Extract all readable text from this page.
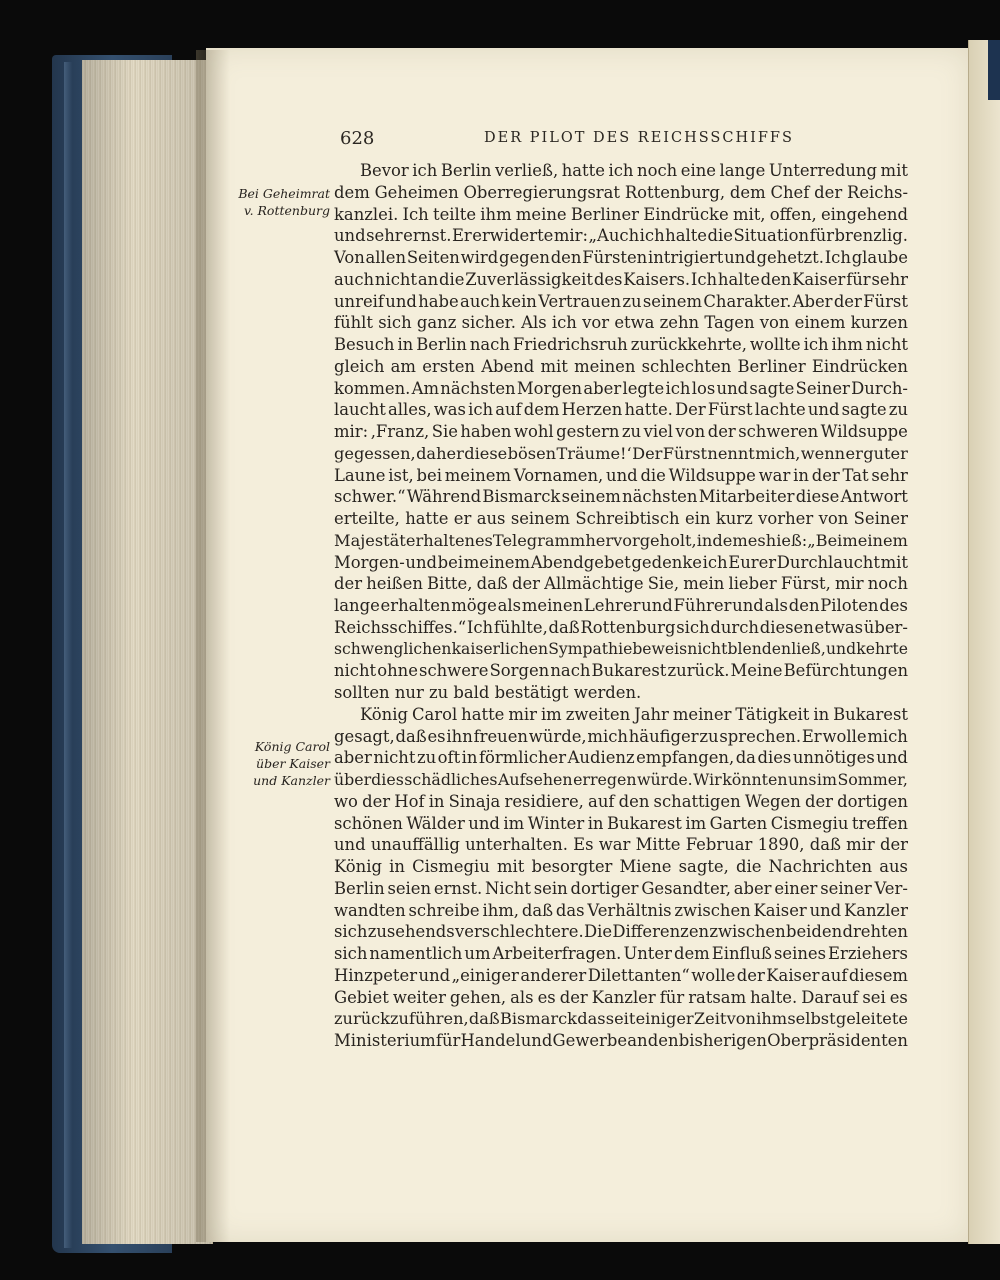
628	DER PILOT DES REICHSSCHIFFS
Bei Geheimrat
v. Rottenburg
König Carol
über Kaiser
und Kanzler
Bevor ich Berlin verließ, hatte ich noch eine lange Unterredung mit
dem Geheimen Oberregierungsrat Rottenburg, dem Chef der Reichs-
kanzlei. Ich teilte ihm meine Berliner Eindrücke mit, offen, eingehend
und sehr ernst. Er erwiderte mir: „Auch ich halte die Situation für brenzlig.
Von allen Seiten wird gegen den Fürsten intrigiert und gehetzt. Ich glaube
auch nicht an die Zuverlässigkeit des Kaisers. Ich halte den Kaiser für sehr
unreif und habe auch kein Vertrauen zu seinem Charakter. Aber der Fürst
fühlt sich ganz sicher. Als ich vor etwa zehn Tagen von einem kurzen
Besuch in Berlin nach Friedrichsruh zurückkehrte, wollte ich ihm nicht
gleich am ersten Abend mit meinen schlechten Berliner Eindrücken
kommen. Am nächsten Morgen aber legte ich los und sagte Seiner Durch-
laucht alles, was ich auf dem Herzen hatte. Der Fürst lachte und sagte zu
mir: ‚Franz, Sie haben wohl gestern zu viel von der schweren Wildsuppe
gegessen, daher diese bösen Träume!‘ Der Fürst nennt mich, wenn er guter
Laune ist, bei meinem Vornamen, und die Wildsuppe war in der Tat sehr
schwer.“ Während Bismarck seinem nächsten Mitarbeiter diese Antwort
erteilte, hatte er aus seinem Schreibtisch ein kurz vorher von Seiner
Majestät erhaltenes Telegramm hervorgeholt, in dem es hieß: „Bei meinem
Morgen- und bei meinem Abendgebet gedenke ich Eurer Durchlaucht mit
der heißen Bitte, daß der Allmächtige Sie, mein lieber Fürst, mir noch
lange erhalten möge als meinen Lehrer und Führer und als den Piloten des
Reichsschiffes.“ Ich fühlte, daß Rottenburg sich durch diesen etwas über-
schwenglichen kaiserlichen Sympathiebeweis nicht blenden ließ, und kehrte
nicht ohne schwere Sorgen nach Bukarest zurück. Meine Befürchtungen
sollten nur zu bald bestätigt werden.
König Carol hatte mir im zweiten Jahr meiner Tätigkeit in Bukarest
gesagt, daß es ihn freuen würde, mich häufiger zu sprechen. Er wolle mich
aber nicht zu oft in förmlicher Audienz empfangen, da dies unnötiges und
überdies schädliches Aufsehen erregen würde. Wir könnten uns im Sommer,
wo der Hof in Sinaja residiere, auf den schattigen Wegen der dortigen
schönen Wälder und im Winter in Bukarest im Garten Cismegiu treffen
und unauffällig unterhalten. Es war Mitte Februar 1890, daß mir der
König in Cismegiu mit besorgter Miene sagte, die Nachrichten aus
Berlin seien ernst. Nicht sein dortiger Gesandter, aber einer seiner Ver-
wandten schreibe ihm, daß das Verhältnis zwischen Kaiser und Kanzler
sich zusehends verschlechtere. Die Differenzen zwischen beiden drehten
sich namentlich um Arbeiterfragen. Unter dem Einfluß seines Erziehers
Hinzpeter und „einiger anderer Dilettanten“ wolle der Kaiser auf diesem
Gebiet weiter gehen, als es der Kanzler für ratsam halte. Darauf sei es
zurückzuführen, daß Bismarck das seit einiger Zeit von ihm selbst geleitete
Ministerium für Handel und Gewerbe an den bisherigen Oberpräsidenten
